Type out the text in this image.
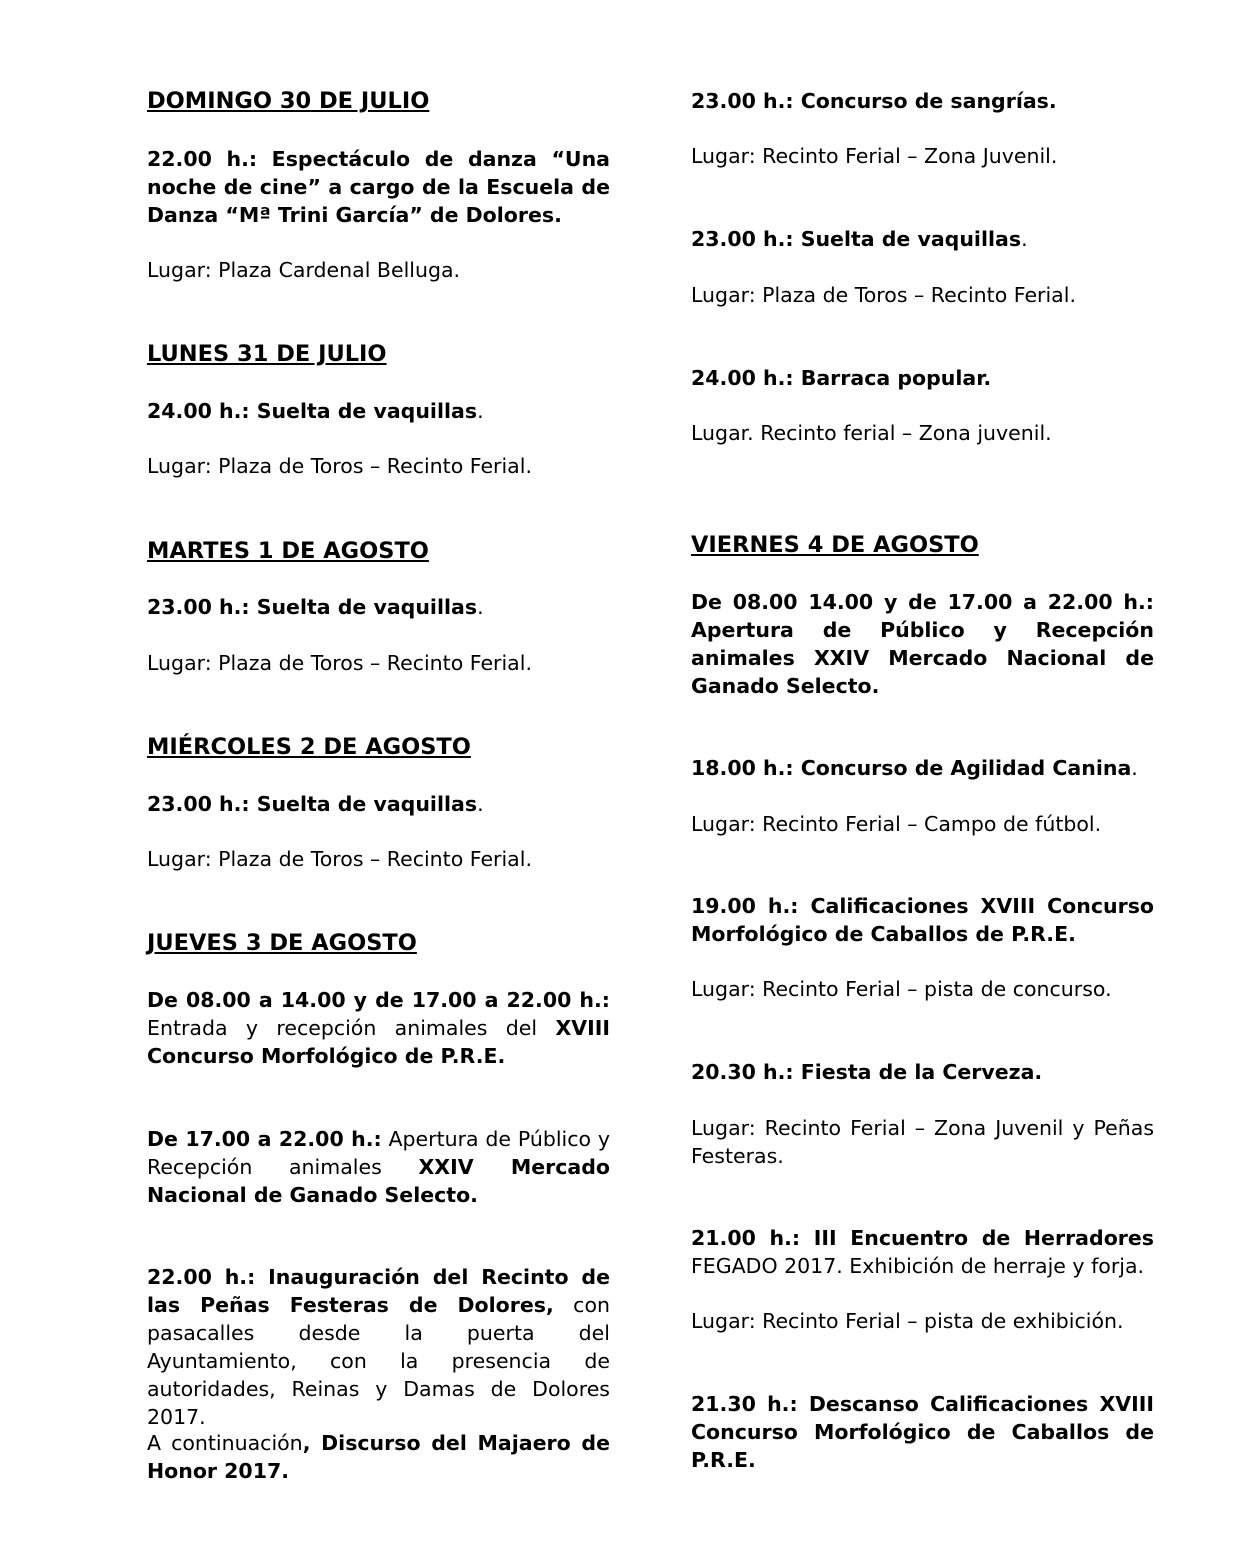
DOMINGO 30 DE JULIO

22.00 h.: Espectáculo de danza “Una noche de cine” a cargo de la Escuela de Danza “Mª Trini García” de Dolores.

Lugar: Plaza Cardenal Belluga.

LUNES 31 DE JULIO

24.00 h.: Suelta de vaquillas.

Lugar: Plaza de Toros – Recinto Ferial.

MARTES 1 DE AGOSTO

23.00 h.: Suelta de vaquillas.

Lugar: Plaza de Toros – Recinto Ferial.

MIÉRCOLES 2 DE AGOSTO

23.00 h.: Suelta de vaquillas.

Lugar: Plaza de Toros – Recinto Ferial.

JUEVES 3 DE AGOSTO

De 08.00 a 14.00 y de 17.00 a 22.00 h.: Entrada y recepción animales del XVIII Concurso Morfológico de P.R.E.

De 17.00 a 22.00 h.: Apertura de Público y Recepción animales XXIV Mercado Nacional de Ganado Selecto.

22.00 h.: Inauguración del Recinto de las Peñas Festeras de Dolores, con pasacalles desde la puerta del Ayuntamiento, con la presencia de autoridades, Reinas y Damas de Dolores 2017.

A continuación, Discurso del Majaero de Honor 2017.

23.00 h.: Concurso de sangrías.

Lugar: Recinto Ferial – Zona Juvenil.

23.00 h.: Suelta de vaquillas.

Lugar: Plaza de Toros – Recinto Ferial.

24.00 h.: Barraca popular.

Lugar. Recinto ferial – Zona juvenil.

VIERNES 4 DE AGOSTO

De 08.00 14.00 y de 17.00 a 22.00 h.: Apertura de Público y Recepción animales XXIV Mercado Nacional de Ganado Selecto.

18.00 h.: Concurso de Agilidad Canina.

Lugar: Recinto Ferial – Campo de fútbol.

19.00 h.: Calificaciones XVIII Concurso Morfológico de Caballos de P.R.E.

Lugar: Recinto Ferial – pista de concurso.

20.30 h.: Fiesta de la Cerveza.

Lugar: Recinto Ferial – Zona Juvenil y Peñas Festeras.

21.00 h.: III Encuentro de Herradores FEGADO 2017. Exhibición de herraje y forja.

Lugar: Recinto Ferial – pista de exhibición.

21.30 h.: Descanso Calificaciones XVIII Concurso Morfológico de Caballos de P.R.E.
